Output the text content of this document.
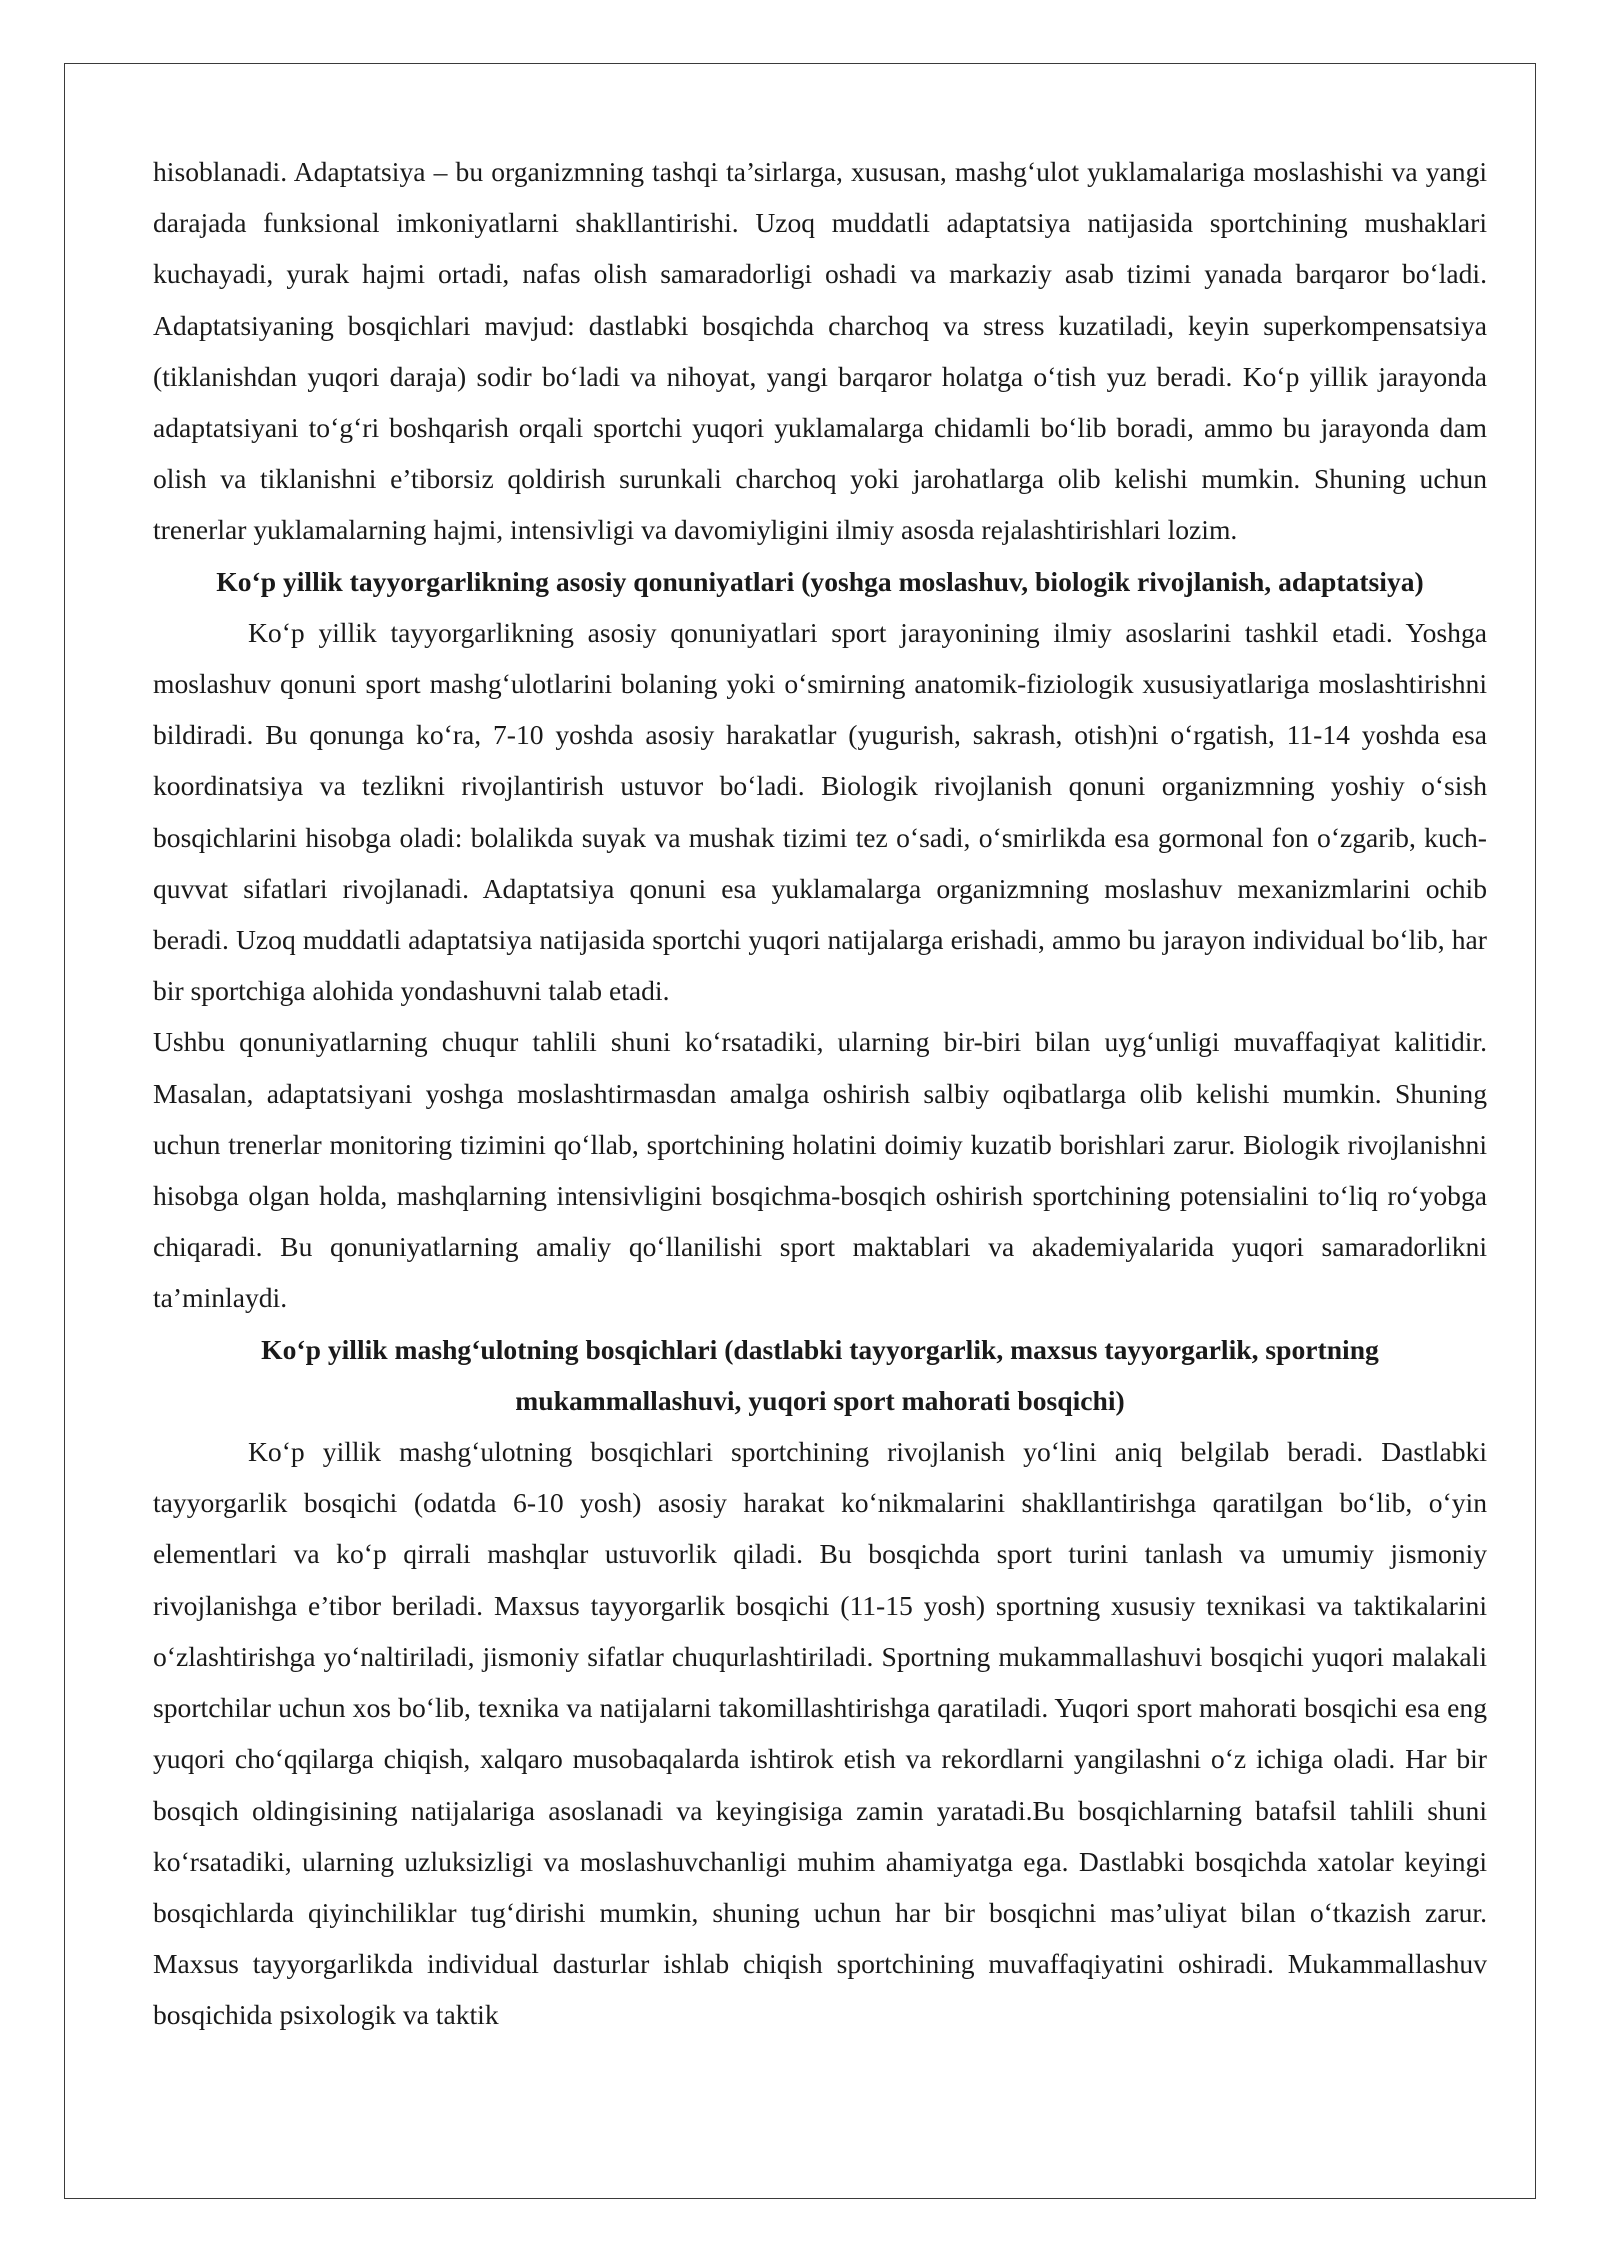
hisoblanadi. Adaptatsiya – bu organizmning tashqi ta’sirlarga, xususan, mashg‘ulot yuklamalariga moslashishi va yangi darajada funksional imkoniyatlarni shakllantirishi. Uzoq muddatli adaptatsiya natijasida sportchining mushaklari kuchayadi, yurak hajmi ortadi, nafas olish samaradorligi oshadi va markaziy asab tizimi yanada barqaror bo‘ladi. Adaptatsiyaning bosqichlari mavjud: dastlabki bosqichda charchoq va stress kuzatiladi, keyin superkompensatsiya (tiklanishdan yuqori daraja) sodir bo‘ladi va nihoyat, yangi barqaror holatga o‘tish yuz beradi. Ko‘p yillik jarayonda adaptatsiyani to‘g‘ri boshqarish orqali sportchi yuqori yuklamalarga chidamli bo‘lib boradi, ammo bu jarayonda dam olish va tiklanishni e’tiborsiz qoldirish surunkali charchoq yoki jarohatlarga olib kelishi mumkin. Shuning uchun trenerlar yuklamalarning hajmi, intensivligi va davomiyligini ilmiy asosda rejalashtirishlari lozim.

Ko‘p yillik tayyorgarlikning asosiy qonuniyatlari (yoshga moslashuv, biologik rivojlanish, adaptatsiya)

Ko‘p yillik tayyorgarlikning asosiy qonuniyatlari sport jarayonining ilmiy asoslarini tashkil etadi. Yoshga moslashuv qonuni sport mashg‘ulotlarini bolaning yoki o‘smirning anatomik-fiziologik xususiyatlariga moslashtirishni bildiradi. Bu qonunga ko‘ra, 7-10 yoshda asosiy harakatlar (yugurish, sakrash, otish)ni o‘rgatish, 11-14 yoshda esa koordinatsiya va tezlikni rivojlantirish ustuvor bo‘ladi. Biologik rivojlanish qonuni organizmning yoshiy o‘sish bosqichlarini hisobga oladi: bolalikda suyak va mushak tizimi tez o‘sadi, o‘smirlikda esa gormonal fon o‘zgarib, kuch-quvvat sifatlari rivojlanadi. Adaptatsiya qonuni esa yuklamalarga organizmning moslashuv mexanizmlarini ochib beradi. Uzoq muddatli adaptatsiya natijasida sportchi yuqori natijalarga erishadi, ammo bu jarayon individual bo‘lib, har bir sportchiga alohida yondashuvni talab etadi.

Ushbu qonuniyatlarning chuqur tahlili shuni ko‘rsatadiki, ularning bir-biri bilan uyg‘unligi muvaffaqiyat kalitidir. Masalan, adaptatsiyani yoshga moslashtirmasdan amalga oshirish salbiy oqibatlarga olib kelishi mumkin. Shuning uchun trenerlar monitoring tizimini qo‘llab, sportchining holatini doimiy kuzatib borishlari zarur. Biologik rivojlanishni hisobga olgan holda, mashqlarning intensivligini bosqichma-bosqich oshirish sportchining potensialini to‘liq ro‘yobga chiqaradi. Bu qonuniyatlarning amaliy qo‘llanilishi sport maktablari va akademiyalarida yuqori samaradorlikni ta’minlaydi.

Ko‘p yillik mashg‘ulotning bosqichlari (dastlabki tayyorgarlik, maxsus tayyorgarlik, sportning mukammallashuvi, yuqori sport mahorati bosqichi)

Ko‘p yillik mashg‘ulotning bosqichlari sportchining rivojlanish yo‘lini aniq belgilab beradi. Dastlabki tayyorgarlik bosqichi (odatda 6-10 yosh) asosiy harakat ko‘nikmalarini shakllantirishga qaratilgan bo‘lib, o‘yin elementlari va ko‘p qirrali mashqlar ustuvorlik qiladi. Bu bosqichda sport turini tanlash va umumiy jismoniy rivojlanishga e’tibor beriladi. Maxsus tayyorgarlik bosqichi (11-15 yosh) sportning xususiy texnikasi va taktikalarini o‘zlashtirishga yo‘naltiriladi, jismoniy sifatlar chuqurlashtiriladi. Sportning mukammallashuvi bosqichi yuqori malakali sportchilar uchun xos bo‘lib, texnika va natijalarni takomillashtirishga qaratiladi. Yuqori sport mahorati bosqichi esa eng yuqori cho‘qqilarga chiqish, xalqaro musobaqalarda ishtirok etish va rekordlarni yangilashni o‘z ichiga oladi. Har bir bosqich oldingisining natijalariga asoslanadi va keyingisiga zamin yaratadi.Bu bosqichlarning batafsil tahlili shuni ko‘rsatadiki, ularning uzluksizligi va moslashuvchanligi muhim ahamiyatga ega. Dastlabki bosqichda xatolar keyingi bosqichlarda qiyinchiliklar tug‘dirishi mumkin, shuning uchun har bir bosqichni mas’uliyat bilan o‘tkazish zarur. Maxsus tayyorgarlikda individual dasturlar ishlab chiqish sportchining muvaffaqiyatini oshiradi. Mukammallashuv bosqichida psixologik va taktik
